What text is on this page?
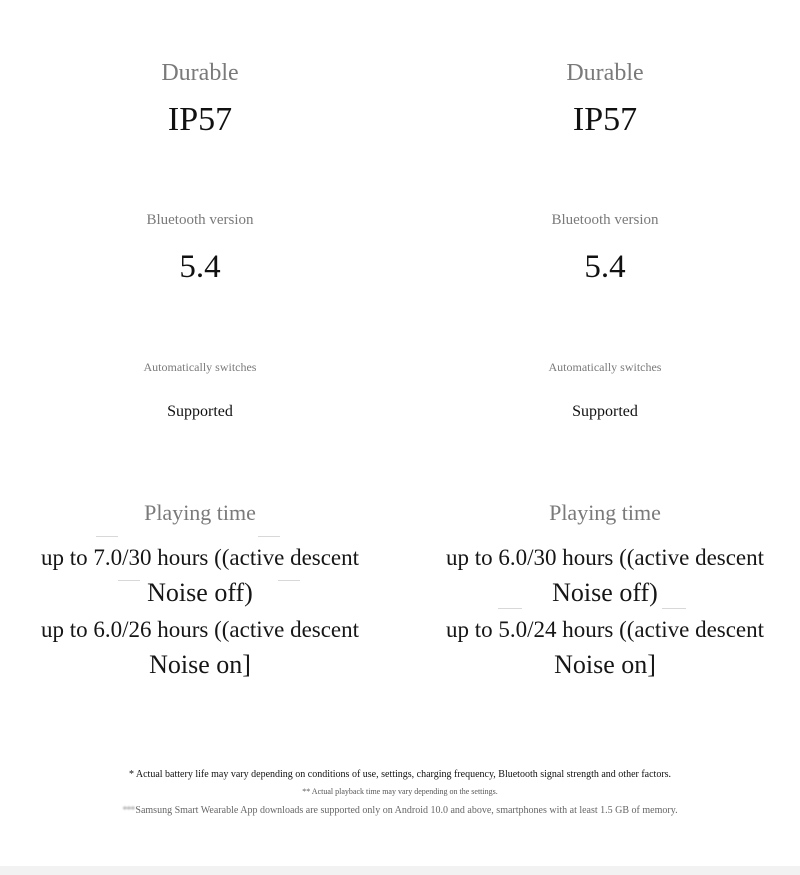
Durable
IP57
Bluetooth version
5.4
Automatically switches
Supported
Playing time
up to 7.0/30 hours ((active descent
Noise off)
up to 6.0/26 hours ((active descent
Noise on]
Durable
IP57
Bluetooth version
5.4
Automatically switches
Supported
Playing time
up to 6.0/30 hours ((active descent
Noise off)
up to 5.0/24 hours ((active descent
Noise on]
* Actual battery life may vary depending on conditions of use, settings, charging frequency, Bluetooth signal strength and other factors.
** Actual playback time may vary depending on the settings.
***Samsung Smart Wearable App downloads are supported only on Android 10.0 and above, smartphones with at least 1.5 GB of memory.
